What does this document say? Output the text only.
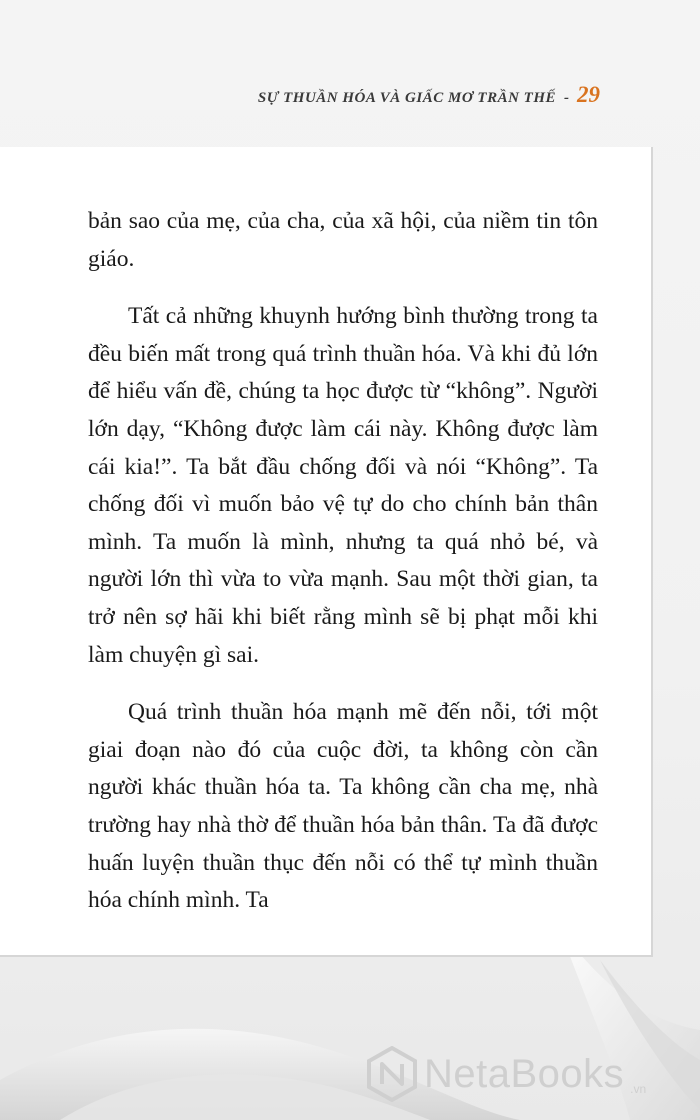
SỰ THUẦN HÓA VÀ GIẤC MƠ TRẦN THẾ - 29

bản sao của mẹ, của cha, của xã hội, của niềm tin tôn giáo.

Tất cả những khuynh hướng bình thường trong ta đều biến mất trong quá trình thuần hóa. Và khi đủ lớn để hiểu vấn đề, chúng ta học được từ “không”. Người lớn dạy, “Không được làm cái này. Không được làm cái kia!”. Ta bắt đầu chống đối và nói “Không”. Ta chống đối vì muốn bảo vệ tự do cho chính bản thân mình. Ta muốn là mình, nhưng ta quá nhỏ bé, và người lớn thì vừa to vừa mạnh. Sau một thời gian, ta trở nên sợ hãi khi biết rằng mình sẽ bị phạt mỗi khi làm chuyện gì sai.

Quá trình thuần hóa mạnh mẽ đến nỗi, tới một giai đoạn nào đó của cuộc đời, ta không còn cần người khác thuần hóa ta. Ta không cần cha mẹ, nhà trường hay nhà thờ để thuần hóa bản thân. Ta đã được huấn luyện thuần thục đến nỗi có thể tự mình thuần hóa chính mình. Ta

NetaBooks .vn
